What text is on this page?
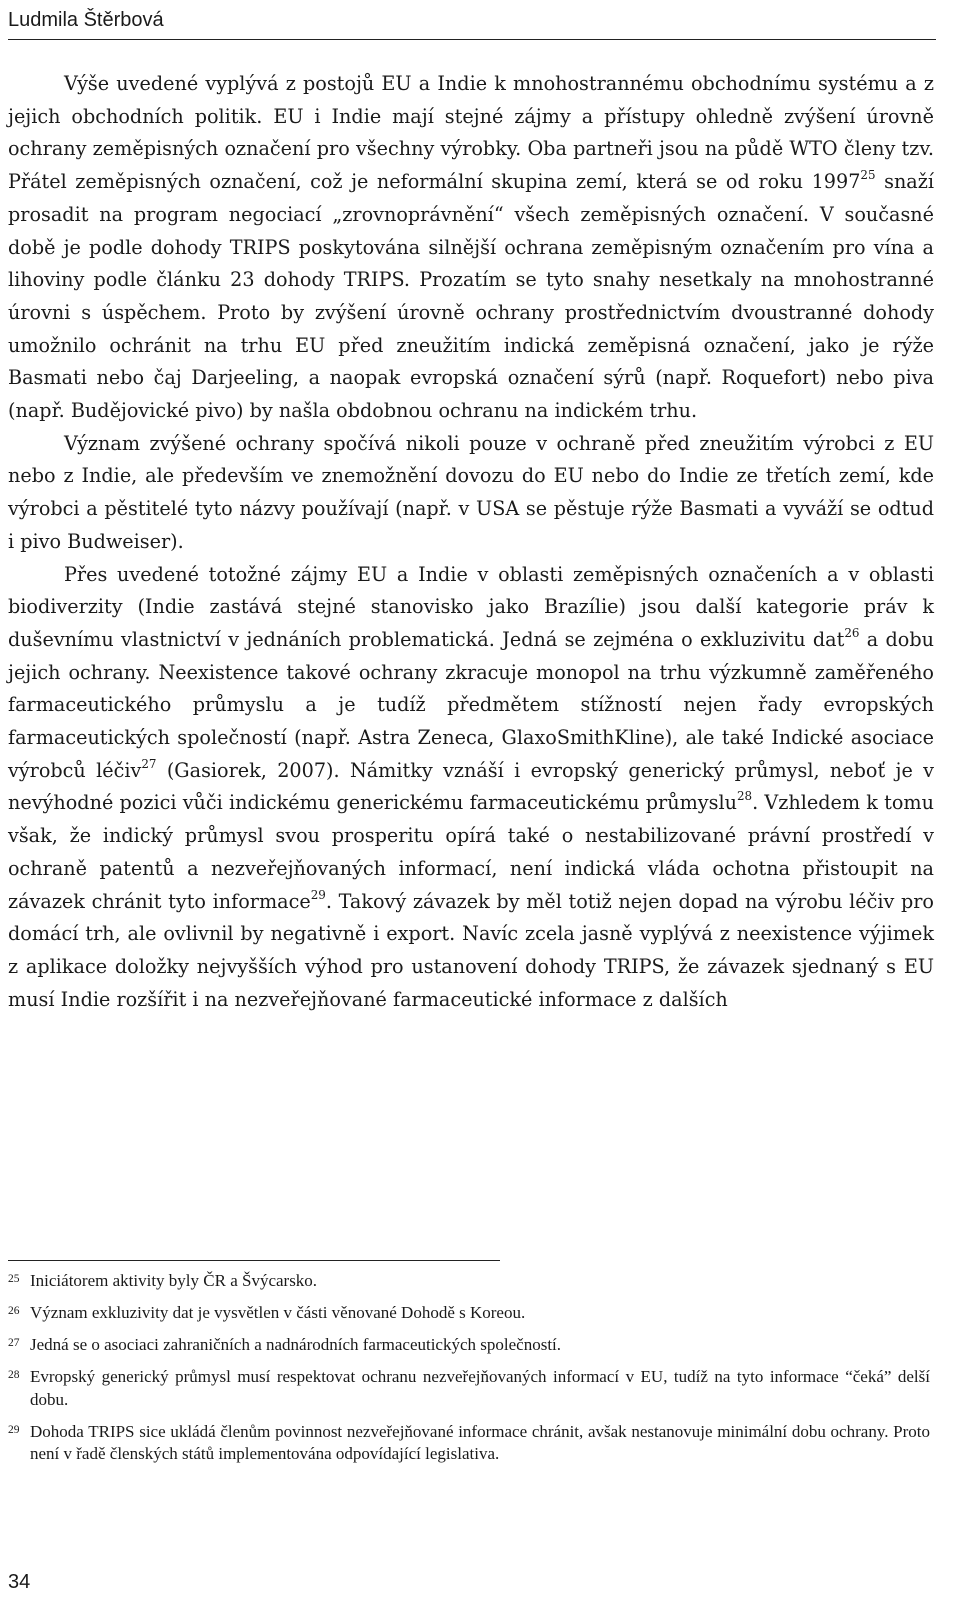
Ludmila Štěrbová

Výše uvedené vyplývá z postojů EU a Indie k mnohostrannému obchodnímu systému a z jejich obchodních politik. EU i Indie mají stejné zájmy a přístupy ohledně zvýšení úrovně ochrany zeměpisných označení pro všechny výrobky. Oba partneři jsou na půdě WTO členy tzv. Přátel zeměpisných označení, což je neformální skupina zemí, která se od roku 1997$^{25}$ snaží prosadit na program negociací „zrovnoprávnění“ všech zeměpisných označení. V současné době je podle dohody TRIPS poskytována silnější ochrana zeměpisným označením pro vína a lihoviny podle článku 23 dohody TRIPS. Prozatím se tyto snahy nesetkaly na mnohostranné úrovni s úspěchem. Proto by zvýšení úrovně ochrany prostřednictvím dvoustranné dohody umožnilo ochránit na trhu EU před zneužitím indická zeměpisná označení, jako je rýže Basmati nebo čaj Darjeeling, a naopak evropská označení sýrů (např. Roquefort) nebo piva (např. Budějovické pivo) by našla obdobnou ochranu na indickém trhu.

Význam zvýšené ochrany spočívá nikoli pouze v ochraně před zneužitím výrobci z EU nebo z Indie, ale především ve znemožnění dovozu do EU nebo do Indie ze třetích zemí, kde výrobci a pěstitelé tyto názvy používají (např. v USA se pěstuje rýže Basmati a vyváží se odtud i pivo Budweiser).

Přes uvedené totožné zájmy EU a Indie v oblasti zeměpisných označeních a v oblasti biodiverzity (Indie zastává stejné stanovisko jako Brazílie) jsou další kategorie práv k duševnímu vlastnictví v jednáních problematická. Jedná se zejména o exkluzivitu dat$^{26}$ a dobu jejich ochrany. Neexistence takové ochrany zkracuje monopol na trhu výzkumně zaměřeného farmaceutického průmyslu a je tudíž předmětem stížností nejen řady evropských farmaceutických společností (např. Astra Zeneca, GlaxoSmithKline), ale také Indické asociace výrobců léčiv$^{27}$ (Gasiorek, 2007). Námitky vznáší i evropský generický průmysl, neboť je v nevýhodné pozici vůči indickému generickému farmaceutickému průmyslu$^{28}$. Vzhledem k tomu však, že indický průmysl svou prosperitu opírá také o nestabilizované právní prostředí v ochraně patentů a nezveřejňovaných informací, není indická vláda ochotna přistoupit na závazek chránit tyto informace$^{29}$. Takový závazek by měl totiž nejen dopad na výrobu léčiv pro domácí trh, ale ovlivnil by negativně i export. Navíc zcela jasně vyplývá z neexistence výjimek z aplikace doložky nejvyšších výhod pro ustanovení dohody TRIPS, že závazek sjednaný s EU musí Indie rozšířit i na nezveřejňované farmaceutické informace z dalších

25 Iniciátorem aktivity byly ČR a Švýcarsko.
26 Význam exkluzivity dat je vysvětlen v části věnované Dohodě s Koreou.
27 Jedná se o asociaci zahraničních a nadnárodních farmaceutických společností.
28 Evropský generický průmysl musí respektovat ochranu nezveřejňovaných informací v EU, tudíž na tyto informace “čeká” delší dobu.
29 Dohoda TRIPS sice ukládá členům povinnost nezveřejňované informace chránit, avšak nestanovuje minimální dobu ochrany. Proto není v řadě členských států implementována odpovídající legislativa.
34
